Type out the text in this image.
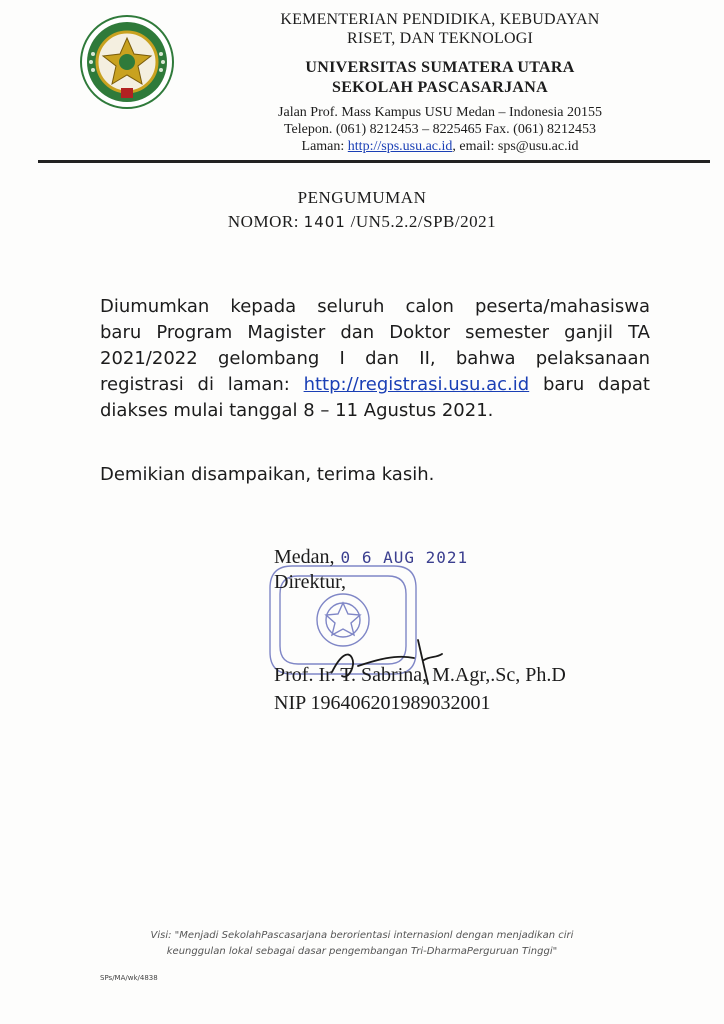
KEMENTERIAN PENDIDIKA, KEBUDAYAN
RISET, DAN TEKNOLOGI
UNIVERSITAS SUMATERA UTARA
SEKOLAH PASCASARJANA
Jalan Prof. Mass Kampus USU Medan – Indonesia 20155
Telepon. (061) 8212453 – 8225465 Fax. (061) 8212453
Laman: http://sps.usu.ac.id, email: sps@usu.ac.id
PENGUMUMAN
NOMOR: 1401 /UN5.2.2/SPB/2021
Diumumkan kepada seluruh calon peserta/mahasiswa
baru Program Magister dan Doktor semester ganjil TA
2021/2022 gelombang I dan II, bahwa pelaksanaan
registrasi di laman: http://registrasi.usu.ac.id baru dapat
diakses mulai tanggal 8 – 11 Agustus 2021.
Demikian disampaikan, terima kasih.
Medan, 0 6 AUG 2021
Direktur,
Prof. Ir. T. Sabrina, M.Agr,.Sc, Ph.D
NIP 196406201989032001
Visi: "Menjadi SekolahPascasarjana berorientasi internasionl dengan menjadikan ciri
keunggulan lokal sebagai dasar pengembangan Tri-DharmaPerguruan Tinggi"
SPs/MA/wk/4838
